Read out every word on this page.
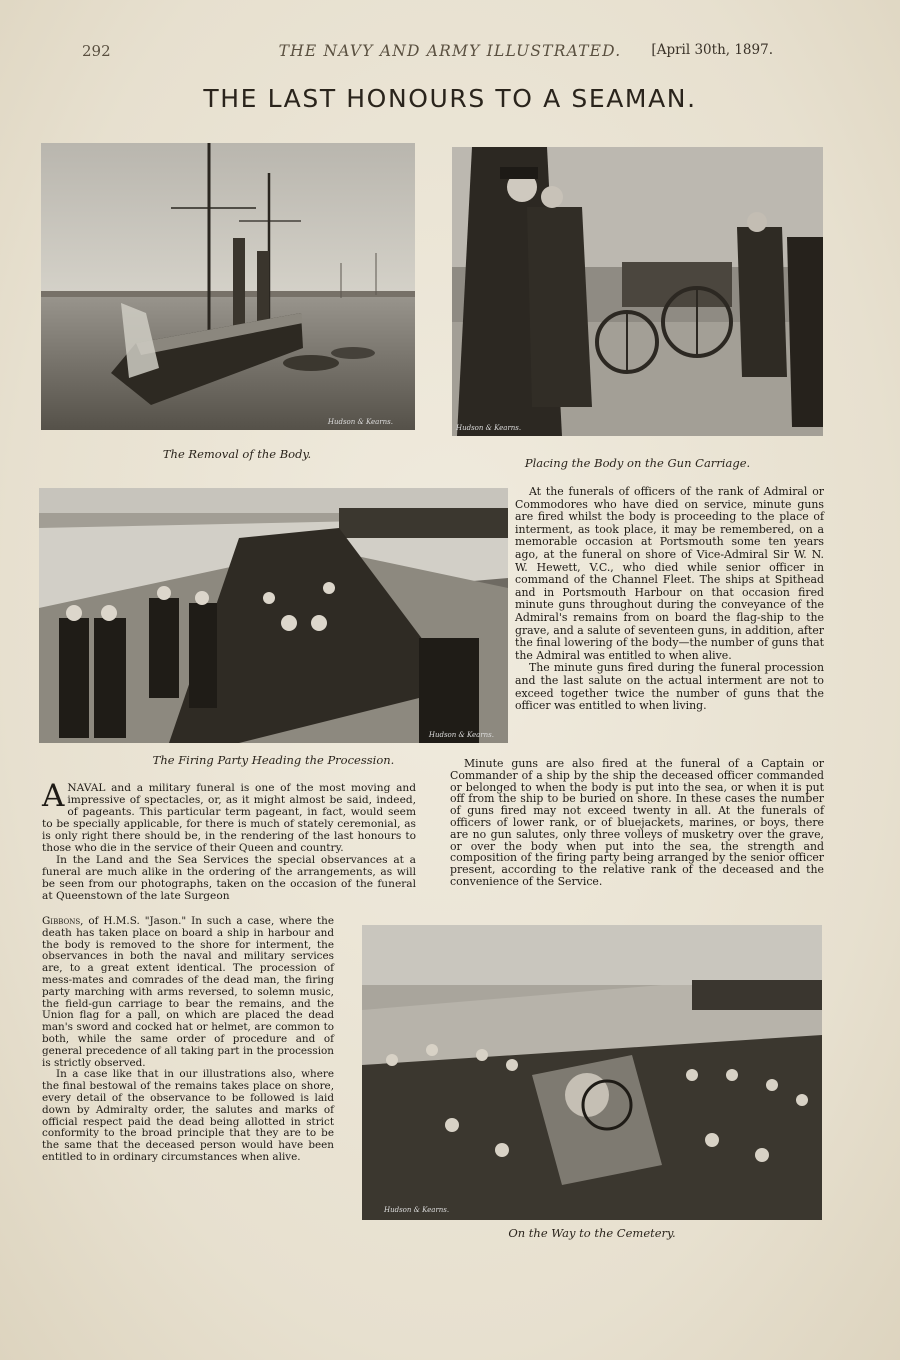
292	THE NAVY AND ARMY ILLUSTRATED.	[April 30th, 1897.
THE LAST HONOURS TO A SEAMAN.
Hudson & Kearns.
The Removal of the Body.
Hudson & Kearns.
Placing the Body on the Gun Carriage.
Hudson & Kearns.
The Firing Party Heading the Procession.

At the funerals of officers of the rank of Admiral or Commodores who have died on service, minute guns are fired whilst the body is proceeding to the place of interment, as took place, it may be remembered, on a memorable occasion at Portsmouth some ten years ago, at the funeral on shore of Vice-Admiral Sir W. N. W. Hewett, V.C., who died while senior officer in command of the Channel Fleet. The ships at Spithead and in Portsmouth Harbour on that occasion fired minute guns throughout during the conveyance of the Admiral's remains from on board the flag-ship to the grave, and a salute of seventeen guns, in addition, after the final lowering of the body—the number of guns that the Admiral was entitled to when alive.

The minute guns fired during the funeral procession and the last salute on the actual interment are not to exceed together twice the number of guns that the officer was entitled to when living.

Minute guns are also fired at the funeral of a Captain or Commander of a ship by the ship the deceased officer commanded or belonged to when the body is put into the sea, or when it is put off from the ship to be buried on shore. In these cases the number of guns fired may not exceed twenty in all. At the funerals of officers of lower rank, or of bluejackets, marines, or boys, there are no gun salutes, only three volleys of musketry over the grave, or over the body when put into the sea, the strength and composition of the firing party being arranged by the senior officer present, according to the relative rank of the deceased and the convenience of the Service.

ANAVAL and a military funeral is one of the most moving and impressive of spectacles, or, as it might almost be said, indeed, of pageants. This particular term pageant, in fact, would seem to be specially applicable, for there is much of stately ceremonial, as is only right there should be, in the rendering of the last honours to those who die in the service of their Queen and country.

In the Land and the Sea Services the special observances at a funeral are much alike in the ordering of the arrangements, as will be seen from our photographs, taken on the occasion of the funeral at Queenstown of the late Surgeon

Gibbons, of H.M.S. "Jason." In such a case, where the death has taken place on board a ship in harbour and the body is removed to the shore for interment, the observances in both the naval and military services are, to a great extent identical. The procession of mess-mates and comrades of the dead man, the firing party marching with arms reversed, to solemn music, the field-gun carriage to bear the remains, and the Union flag for a pall, on which are placed the dead man's sword and cocked hat or helmet, are common to both, while the same order of procedure and of general precedence of all taking part in the procession is strictly observed.

In a case like that in our illustrations also, where the final bestowal of the remains takes place on shore, every detail of the observance to be followed is laid down by Admiralty order, the salutes and marks of official respect paid the dead being allotted in strict conformity to the broad principle that they are to be the same that the deceased person would have been entitled to in ordinary circumstances when alive.

Hudson & Kearns.
On the Way to the Cemetery.
